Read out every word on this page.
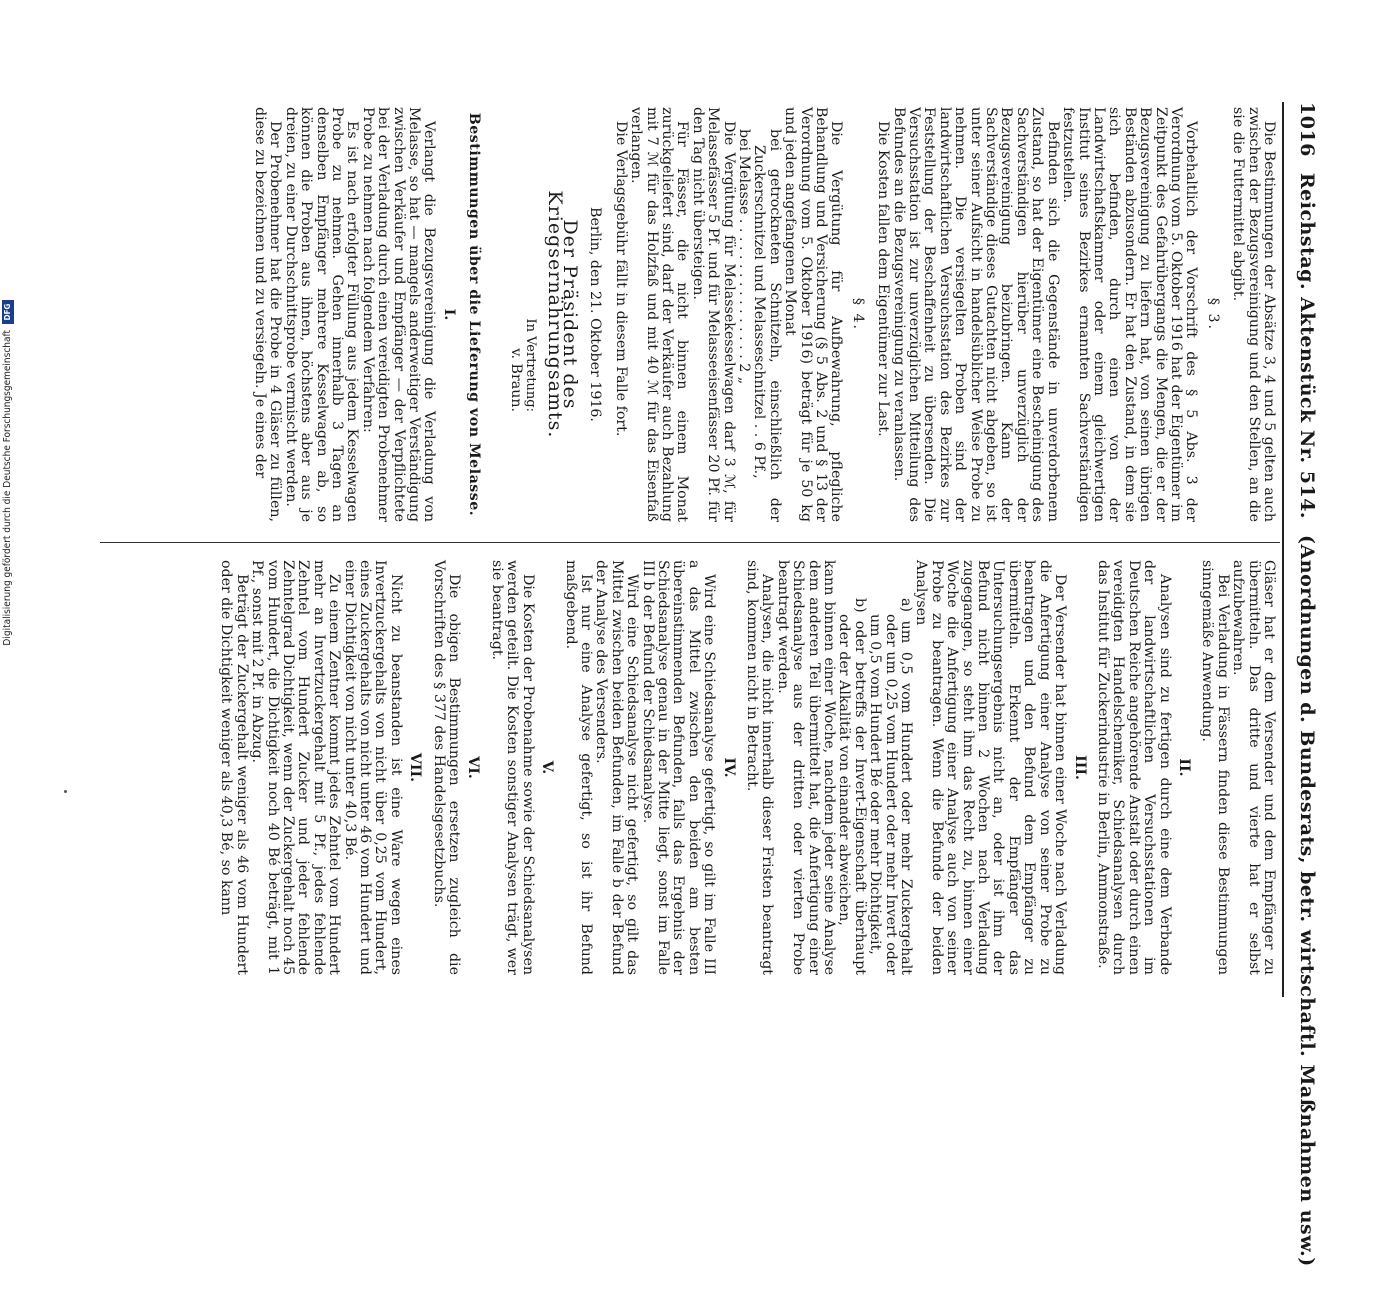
Digitalisierung gefördert durch die Deutsche Forschungsgemeinschaft
DFG
1016
Reichstag. Aktenstück Nr. 514.
(Anordnungen d. Bundesrats, betr. wirtschaftl. Maßnahmen usw.)

Die Bestimmungen der Absätze 3, 4 und 5 gelten auch zwischen der Bezugsvereinigung und den Stellen, an die sie die Futtermittel abgibt.

§ 3.

Vorbehaltlich der Vorschrift des § 5 Abs. 3 der Verordnung vom 5. Oktober 1916 hat der Eigentümer im Zeitpunkt des Gefahrübergangs die Mengen, die er der Bezugsvereinigung zu liefern hat, von seinen übrigen Beständen abzusondern. Er hat den Zustand, in dem sie sich befinden, durch einen von der Landwirtschaftskammer oder einem gleichwertigen Institut seines Bezirkes ernannten Sachverständigen festzustellen.

Befinden sich die Gegenstände in unverdorbenem Zustand, so hat der Eigentümer eine Bescheinigung des Sachverständigen hierüber unverzüglich der Bezugsvereinigung beizubringen. Kann der Sachverständige dieses Gutachten nicht abgeben, so ist unter seiner Aufsicht in handelsüblicher Weise Probe zu nehmen. Die versiegelten Proben sind der landwirtschaftlichen Versuchsstation des Bezirkes zur Feststellung der Beschaffenheit zu übersenden. Die Versuchsstation ist zur unverzüglichen Mitteilung des Befundes an die Bezugsvereinigung zu veranlassen.

Die Kosten fallen dem Eigentümer zur Last.

§ 4.

Die Vergütung für Aufbewahrung, pflegliche Behandlung und Versicherung (§ 5 Abs. 2 und § 13 der Verordnung vom 5. Oktober 1916) beträgt für je 50 kg und jeden angefangenen Monat

bei getrockneten Schnitzeln, einschließlich der Zuckerschnitzel und Melasseschnitzel . . 6 Pf.,

bei Melasse . . . . . . . . . . . . . . . . 2 „

Die Vergütung für Melassekesselwagen darf 3 ℳ, für Melassefässer 5 Pf. und für Melasseeisenfässer 20 Pf. für den Tag nicht übersteigen.

Für Fässer, die nicht binnen einem Monat zurückgeliefert sind, darf der Verkäufer auch Bezahlung mit 7 ℳ für das Holzfaß und mit 40 ℳ für das Eisenfaß verlangen.

Die Verlagsgebühr fällt in diesem Falle fort.

Berlin, den 21. Oktober 1916.
Der Präsident des Kriegsernährungsamts.
In Vertretung:
v. Braun.
Bestimmungen über die Lieferung von Melasse.
I.

Verlangt die Bezugsvereinigung die Verladung von Melasse, so hat — mangels anderweitiger Verständigung zwischen Verkäufer und Empfänger — der Verpflichtete bei der Verladung durch einen vereidigten Probenehmer Probe zu nehmen nach folgendem Verfahren:

Es ist nach erfolgter Füllung aus jedem Kesselwagen Probe zu nehmen. Gehen innerhalb 3 Tagen an denselben Empfänger mehrere Kesselwagen ab, so können die Proben aus ihnen, höchstens aber aus je dreien, zu einer Durchschnittsprobe vermischt werden.

Der Probenehmer hat die Probe in 4 Gläser zu füllen, diese zu bezeichnen und zu versiegeln. Je eines der

Gläser hat er dem Versender und dem Empfänger zu übermitteln. Das dritte und vierte hat er selbst aufzubewahren.

Bei Verladung in Fässern finden diese Bestimmungen sinngemäße Anwendung.

II.

Analysen sind zu fertigen durch eine dem Verbande der landwirtschaftlichen Versuchsstationen im Deutschen Reiche angehörende Anstalt oder durch einen vereidigten Handelschemiker, Schiedsanalysen durch das Institut für Zuckerindustrie in Berlin, Ammonstraße.

III.

Der Versender hat binnen einer Woche nach Verladung die Anfertigung einer Analyse von seiner Probe zu beantragen und den Befund dem Empfänger zu übermitteln. Erkennt der Empfänger das Untersuchungsergebnis nicht an, oder ist ihm der Befund nicht binnen 2 Wochen nach Verladung zugegangen, so steht ihm das Recht zu, binnen einer Woche die Anfertigung einer Analyse auch von seiner Probe zu beantragen. Wenn die Befunde der beiden Analysen

a) um 0,5 vom Hundert oder mehr Zuckergehalt oder um 0,25 vom Hundert oder mehr Invert oder um 0,5 vom Hundert Bé oder mehr Dichtigkeit,

b) oder betreffs der Invert-Eigenschaft überhaupt oder der Alkalität von einander abweichen,

kann binnen einer Woche, nachdem jeder seine Analyse dem anderen Teil übermittelt hat, die Anfertigung einer Schiedsanalyse aus der dritten oder vierten Probe beantragt werden.

Analysen, die nicht innerhalb dieser Fristen beantragt sind, kommen nicht in Betracht.

IV.

Wird eine Schiedsanalyse gefertigt, so gilt im Falle III a das Mittel zwischen den beiden am besten übereinstimmenden Befunden, falls das Ergebnis der Schiedsanalyse genau in der Mitte liegt, sonst im Falle III b der Befund der Schiedsanalyse.

Wird eine Schiedsanalyse nicht gefertigt, so gilt das Mittel zwischen beiden Befunden, im Falle b der Befund der Analyse des Versenders.

Ist nur eine Analyse gefertigt, so ist ihr Befund maßgebend.

V.

Die Kosten der Probenahme sowie der Schiedsanalysen werden geteilt. Die Kosten sonstiger Analysen trägt, wer sie beantragt.

VI.

Die obigen Bestimmungen ersetzen zugleich die Vorschriften des § 377 des Handelsgesetzbuchs.

VII.

Nicht zu beanstanden ist eine Ware wegen eines Invertzuckergehalts von nicht über 0,25 vom Hundert, eines Zuckergehalts von nicht unter 46 vom Hundert und einer Dichtigkeit von nicht unter 40,3 Bé.

Zu einem Zentner kommt jedes Zehntel vom Hundert mehr an Invertzuckergehalt mit 5 Pf., jedes fehlende Zehntel vom Hundert Zucker und jeder fehlende Zehntelgrad Dichtigkeit, wenn der Zuckergehalt noch 45 vom Hundert, die Dichtigkeit noch 40 Bé beträgt, mit 1 Pf., sonst mit 2 Pf. in Abzug.

Beträgt der Zuckergehalt weniger als 46 vom Hundert oder die Dichtigkeit weniger als 40,3 Bé, so kann
